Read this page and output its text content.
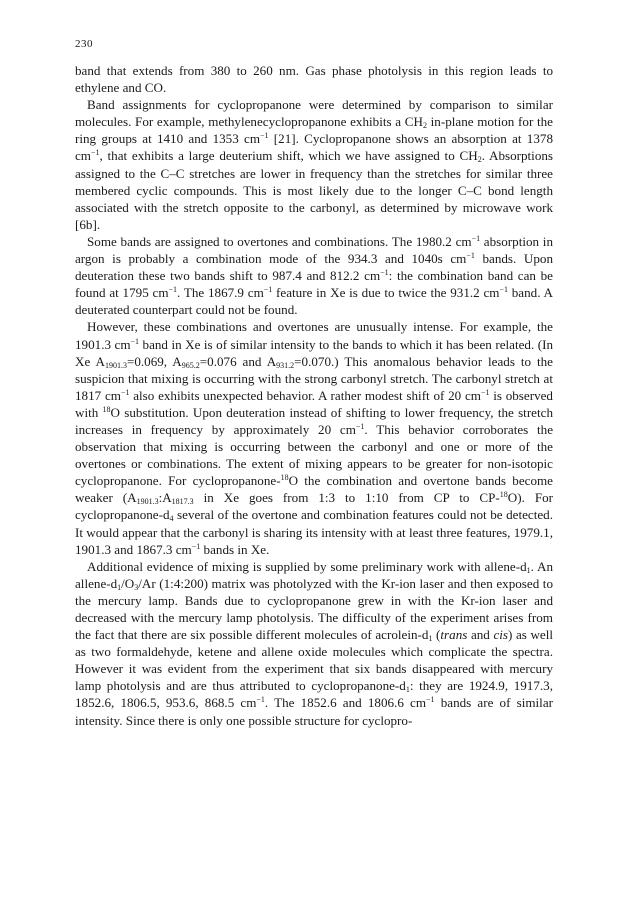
230

band that extends from 380 to 260 nm. Gas phase photolysis in this region leads to ethylene and CO.

Band assignments for cyclopropanone were determined by comparison to similar molecules. For example, methylenecyclopropanone exhibits a $CH_2$ in-plane motion for the ring groups at 1410 and 1353 $cm^{-1}$ [21]. Cyclopropanone shows an absorption at 1378 $cm^{-1}$, that exhibits a large deuterium shift, which we have assigned to $CH_2$. Absorptions assigned to the C–C stretches are lower in frequency than the stretches for similar three membered cyclic compounds. This is most likely due to the longer C–C bond length associated with the stretch opposite to the carbonyl, as determined by microwave work [6b].

Some bands are assigned to overtones and combinations. The 1980.2 $cm^{-1}$ absorption in argon is probably a combination mode of the 934.3 and 1040s $cm^{-1}$ bands. Upon deuteration these two bands shift to 987.4 and 812.2 $cm^{-1}$: the combination band can be found at 1795 $cm^{-1}$. The 1867.9 $cm^{-1}$ feature in Xe is due to twice the 931.2 $cm^{-1}$ band. A deuterated counterpart could not be found.

However, these combinations and overtones are unusually intense. For example, the 1901.3 $cm^{-1}$ band in Xe is of similar intensity to the bands to which it has been related. (In Xe $A_{1901.3}=0.069$, $A_{965.2}=0.076$ and $A_{931.2}=0.070$.) This anomalous behavior leads to the suspicion that mixing is occurring with the strong carbonyl stretch. The carbonyl stretch at 1817 $cm^{-1}$ also exhibits unexpected behavior. A rather modest shift of 20 $cm^{-1}$ is observed with $^{18}$O substitution. Upon deuteration instead of shifting to lower frequency, the stretch increases in frequency by approximately 20 $cm^{-1}$. This behavior corroborates the observation that mixing is occurring between the carbonyl and one or more of the overtones or combinations. The extent of mixing appears to be greater for non-isotopic cyclopropanone. For cyclopropanone-$^{18}$O the combination and overtone bands become weaker ($A_{1901.3}:A_{1817.3}$ in Xe goes from 1:3 to 1:10 from CP to CP-$^{18}$O). For cyclopropanone-$d_4$ several of the overtone and combination features could not be detected. It would appear that the carbonyl is sharing its intensity with at least three features, 1979.1, 1901.3 and 1867.3 $cm^{-1}$ bands in Xe.

Additional evidence of mixing is supplied by some preliminary work with allene-$d_1$. An allene-$d_1/O_3/Ar$ (1:4:200) matrix was photolyzed with the Kr-ion laser and then exposed to the mercury lamp. Bands due to cyclopropanone grew in with the Kr-ion laser and decreased with the mercury lamp photolysis. The difficulty of the experiment arises from the fact that there are six possible different molecules of acrolein-$d_1$ (trans and cis) as well as two formaldehyde, ketene and allene oxide molecules which complicate the spectra. However it was evident from the experiment that six bands disappeared with mercury lamp photolysis and are thus attributed to cyclopropanone-$d_1$: they are 1924.9, 1917.3, 1852.6, 1806.5, 953.6, 868.5 $cm^{-1}$. The 1852.6 and 1806.6 $cm^{-1}$ bands are of similar intensity. Since there is only one possible structure for cyclopro-
